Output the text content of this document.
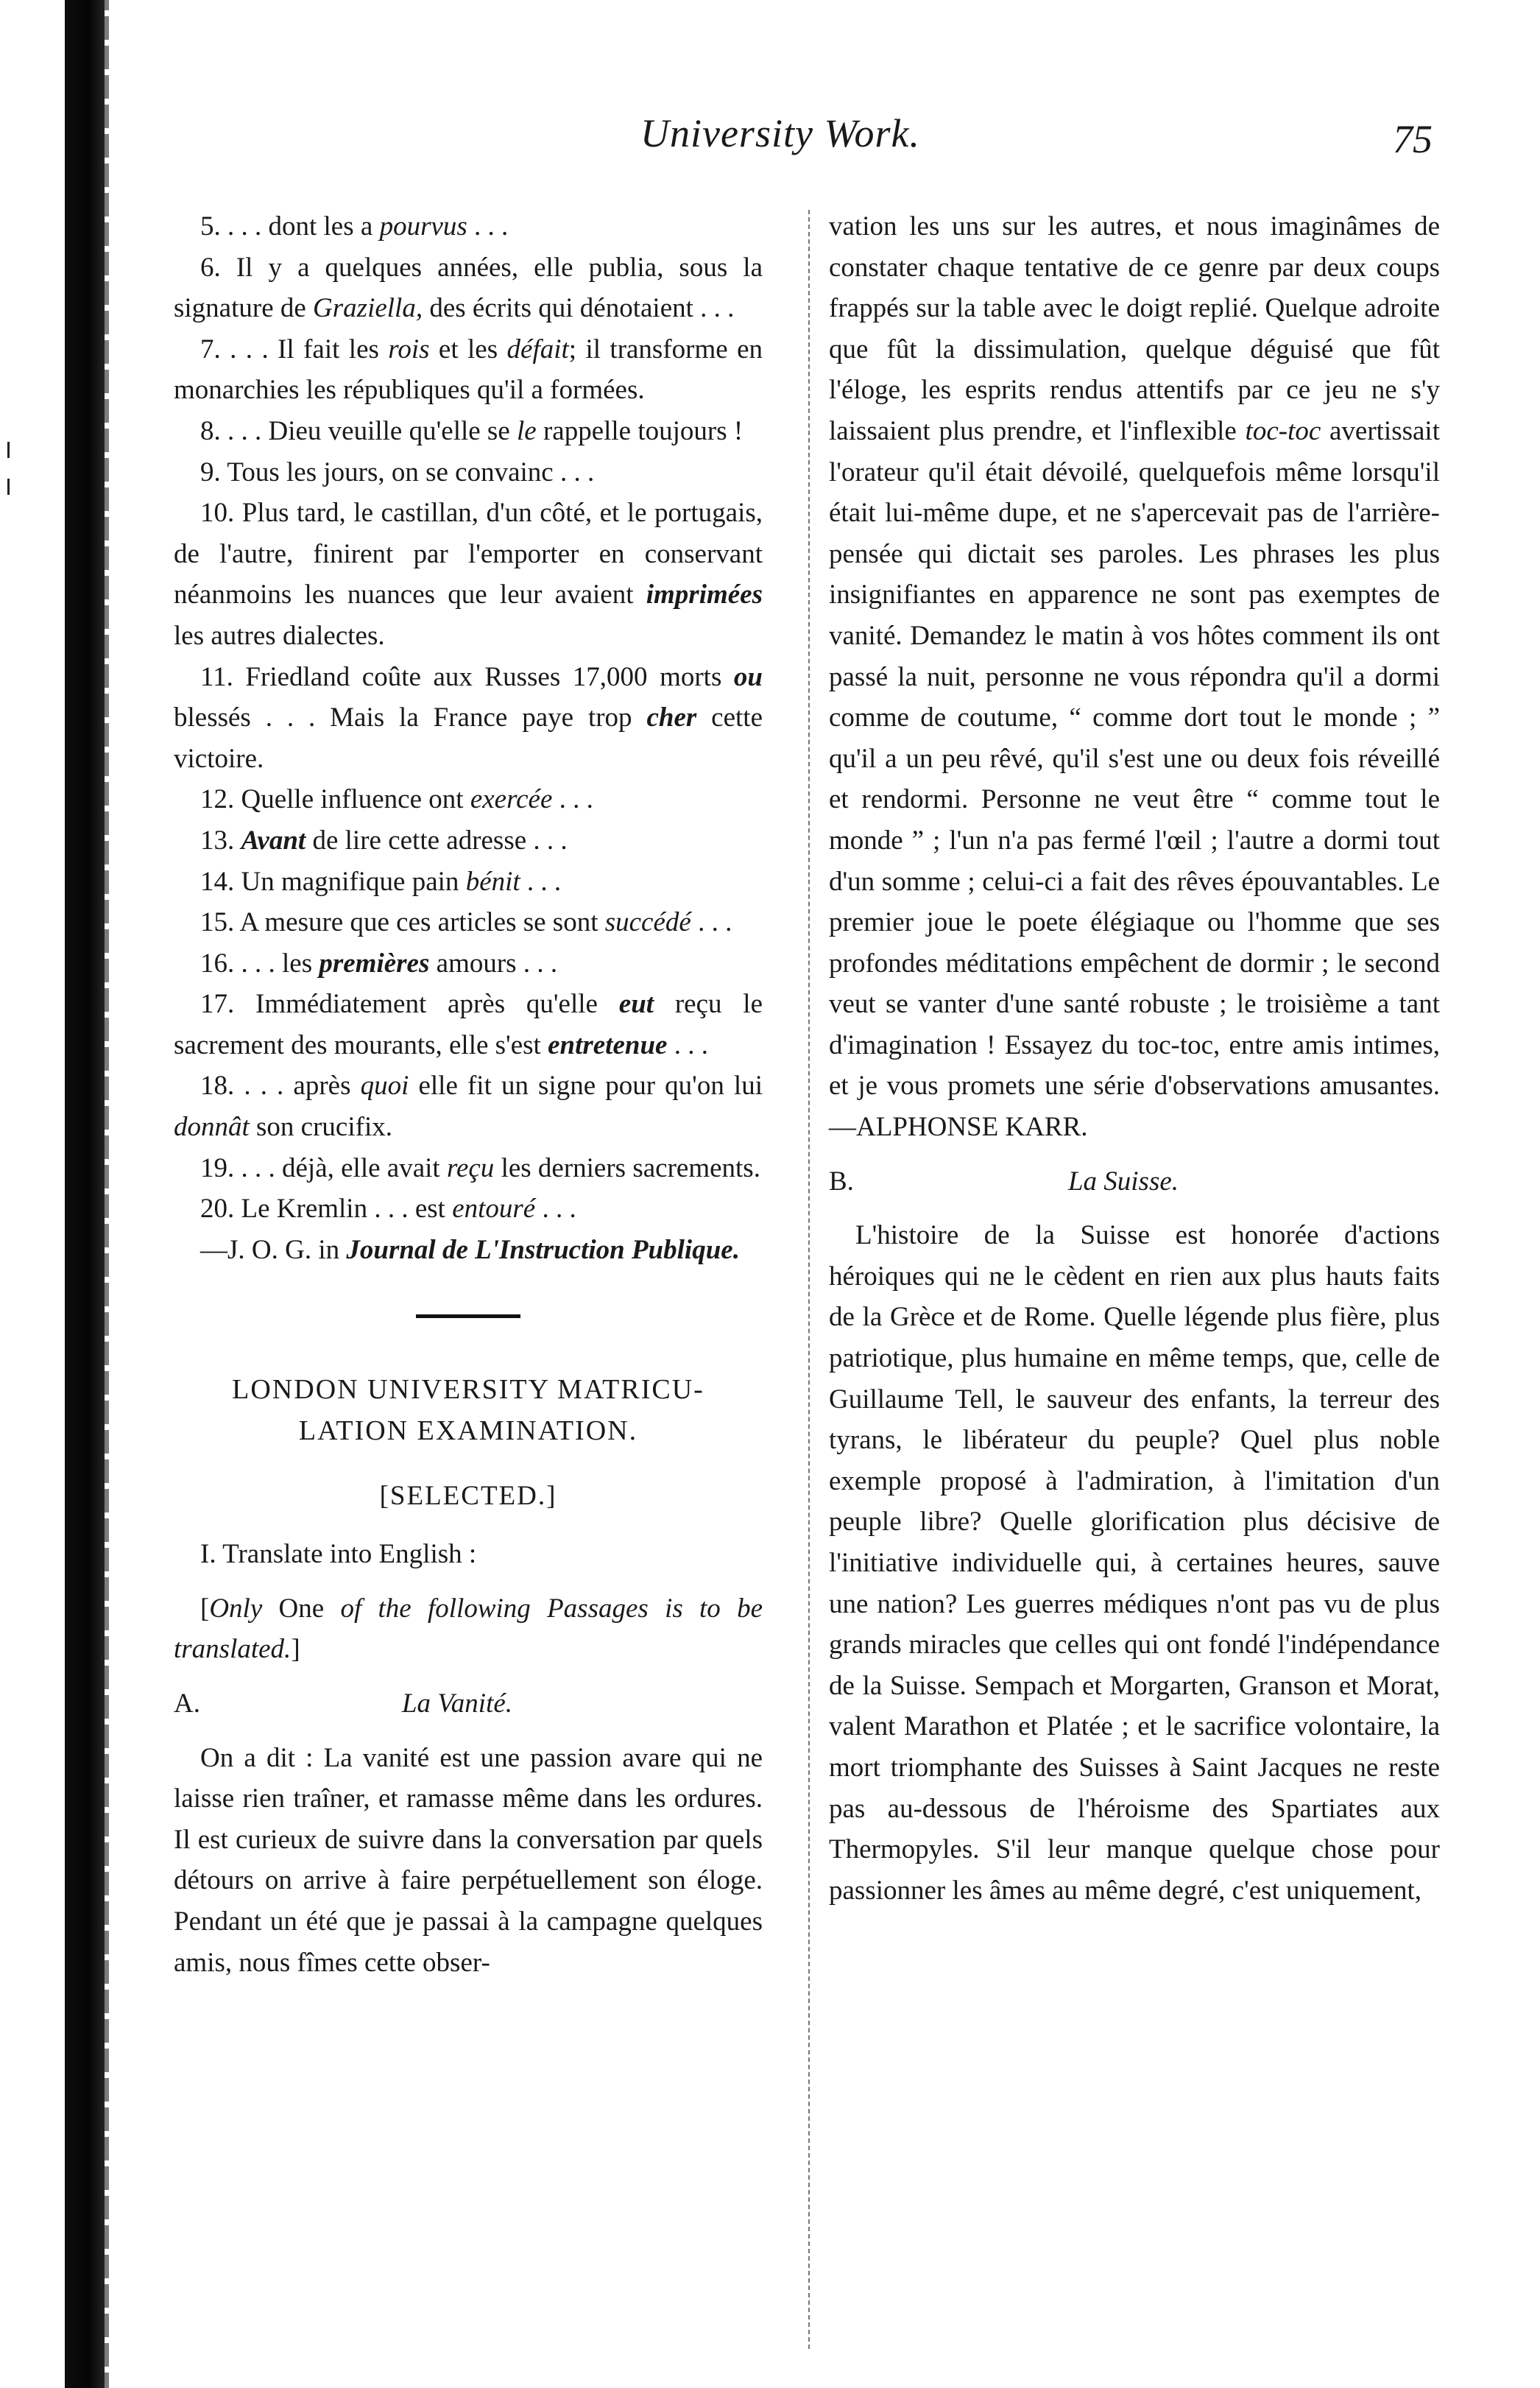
University Work.	75

5. . . . dont les a pourvus . . .

6. Il y a quelques années, elle publia, sous la signature de Graziella, des écrits qui dénotaient . . .

7. . . . Il fait les rois et les défait; il transforme en monarchies les républiques qu'il a formées.

8. . . . Dieu veuille qu'elle se le rappelle toujours !

9. Tous les jours, on se convainc . . .

10. Plus tard, le castillan, d'un côté, et le portugais, de l'autre, finirent par l'emporter en conservant néanmoins les nuances que leur avaient imprimées les autres dialectes.

11. Friedland coûte aux Russes 17,000 morts ou blessés . . . Mais la France paye trop cher cette victoire.

12. Quelle influence ont exercée . . .

13. Avant de lire cette adresse . . .

14. Un magnifique pain bénit . . .

15. A mesure que ces articles se sont succédé . . .

16. . . . les premières amours . . .

17. Immédiatement après qu'elle eut reçu le sacrement des mourants, elle s'est entretenue . . .

18. . . . après quoi elle fit un signe pour qu'on lui donnât son crucifix.

19. . . . déjà, elle avait reçu les derniers sacrements.

20. Le Kremlin . . . est entouré . . .

—J. O. G. in Journal de L'Instruction Publique.

LONDON UNIVERSITY MATRICU-

LATION EXAMINATION.

[SELECTED.]

I. Translate into English :

[Only One of the following Passages is to be translated.]

A.	La Vanité.

On a dit : La vanité est une passion avare qui ne laisse rien traîner, et ramasse même dans les ordures. Il est curieux de suivre dans la conversation par quels détours on arrive à faire perpétuellement son éloge. Pendant un été que je passai à la campagne quelques amis, nous fîmes cette obser-

vation les uns sur les autres, et nous imaginâmes de constater chaque tentative de ce genre par deux coups frappés sur la table avec le doigt replié. Quelque adroite que fût la dissimulation, quelque déguisé que fût l'éloge, les esprits rendus attentifs par ce jeu ne s'y laissaient plus prendre, et l'inflexible toc-toc avertissait l'orateur qu'il était dévoilé, quelquefois même lorsqu'il était lui-même dupe, et ne s'apercevait pas de l'arrière-pensée qui dictait ses paroles. Les phrases les plus insignifiantes en apparence ne sont pas exemptes de vanité. Demandez le matin à vos hôtes comment ils ont passé la nuit, personne ne vous répondra qu'il a dormi comme de coutume, “ comme dort tout le monde ; ” qu'il a un peu rêvé, qu'il s'est une ou deux fois réveillé et rendormi. Personne ne veut être “ comme tout le monde ” ; l'un n'a pas fermé l'œil ; l'autre a dormi tout d'un somme ; celui-ci a fait des rêves épouvantables. Le premier joue le poete élégiaque ou l'homme que ses profondes méditations empêchent de dormir ; le second veut se vanter d'une santé robuste ; le troisième a tant d'imagination ! Essayez du toc-toc, entre amis intimes, et je vous promets une série d'observations amusantes.—ALPHONSE KARR.

B.	La Suisse.

L'histoire de la Suisse est honorée d'actions héroiques qui ne le cèdent en rien aux plus hauts faits de la Grèce et de Rome. Quelle légende plus fière, plus patriotique, plus humaine en même temps, que, celle de Guillaume Tell, le sauveur des enfants, la terreur des tyrans, le libérateur du peuple? Quel plus noble exemple proposé à l'admiration, à l'imitation d'un peuple libre? Quelle glorification plus décisive de l'initiative individuelle qui, à certaines heures, sauve une nation? Les guerres médiques n'ont pas vu de plus grands miracles que celles qui ont fondé l'indépendance de la Suisse. Sempach et Morgarten, Granson et Morat, valent Marathon et Platée ; et le sacrifice volontaire, la mort triomphante des Suisses à Saint Jacques ne reste pas au-dessous de l'héroisme des Spartiates aux Thermopyles. S'il leur manque quelque chose pour passionner les âmes au même degré, c'est uniquement,
